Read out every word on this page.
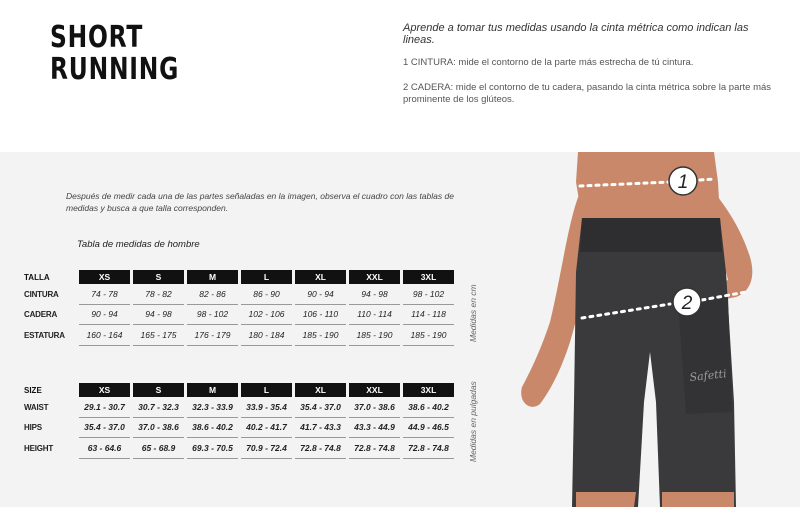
SHORT
RUNNING
Aprende a tomar tus medidas usando la cinta métrica como indican las lineas.
1 CINTURA: mide el contorno de la parte más estrecha de tú cintura.
2 CADERA: mide el contorno de tu cadera, pasando la cinta métrica sobre la parte más prominente de los glúteos.
Después de medir cada una de las partes señaladas en la imagen, observa el cuadro con las tablas de medidas y busca a que talla corresponden.
Tabla de medidas de hombre
TALLA	XS		S		M		L		XL		XXL		3XL
CINTURA	74 - 78		78 - 82		82 - 86		86 - 90		90 - 94		94 - 98		98 - 102
CADERA	90 - 94		94 - 98		98 - 102		102 - 106		106 - 110		110 - 114		114 - 118
ESTATURA	160 - 164		165 - 175		176 - 179		180 - 184		185 - 190		185 - 190		185 - 190	Medidas en cm
SIZE	XS		S		M		L		XL		XXL		3XL
WAIST	29.1 - 30.7		30.7 - 32.3		32.3 - 33.9		33.9 - 35.4		35.4 - 37.0		37.0 - 38.6		38.6 - 40.2
HIPS	35.4 - 37.0		37.0 - 38.6		38.6 - 40.2		40.2 - 41.7		41.7 - 43.3		43.3 - 44.9		44.9 - 46.5
HEIGHT	63 - 64.6		65 - 68.9		69.3 - 70.5		70.9 - 72.4		72.8 - 74.8		72.8 - 74.8		72.8 - 74.8 Medidas en pulgadas
1
2
Safetti
